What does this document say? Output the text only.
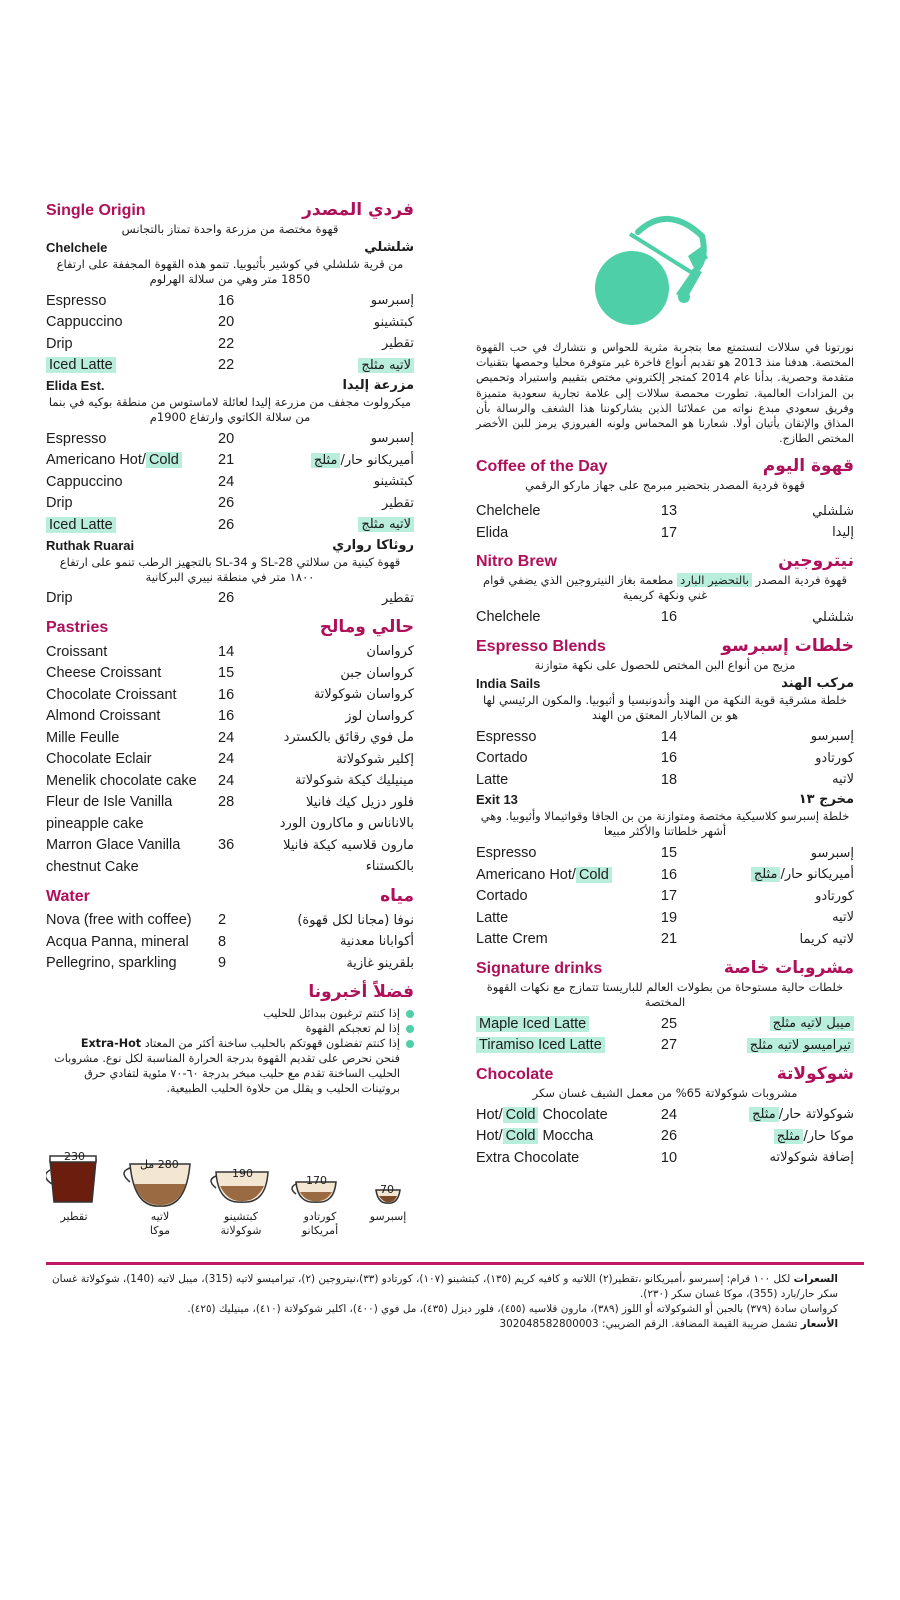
Single Origin	فردي المصدر
قهوة مختصة من مزرعة واحدة تمتاز بالتجانس
Chelchele	شلشلي
من قرية شلشلي في كوشير بأثيوبيا. تنمو هذه القهوة المجففة على ارتفاع 1850 متر وهي من سلالة الهرلوم
Espresso	16	إسبرسو
Cappuccino	20	كبتشينو
Drip	22	تقطير
Iced Latte	22	لاتيه مثلج
Elida Est.	مزرعة إليدا
ميكرولوت مجفف من مزرعة إليدا لعائلة لاماستوس من منطقة بوكيه في بنما من سلالة الكاتوي وارتفاع 1900م
Espresso	20	إسبرسو
Americano Hot/ Cold	21	أميريكانو حار/مثلج
Cappuccino	24	كبتشينو
Drip	26	تقطير
Iced Latte	26	لاتيه مثلج
Ruthak Ruarai	روثاكا رواري
قهوة كينية من سلالتي SL-28 و SL-34 بالتجهيز الرطب تنمو على ارتفاع ١٨٠٠ متر في منطقة نييري البركانية
Drip	26	تقطير
Pastries	حالي ومالح
Croissant	14	كرواسان
Cheese Croissant	15	كرواسان جبن
Chocolate Croissant	16	كرواسان شوكولاتة
Almond Croissant	16	كرواسان لوز
Mille Feulle	24	مل فوي رقائق بالكسترد
Chocolate Eclair	24	إكلير شوكولاتة
Menelik chocolate cake	24	مينيليك كيكة شوكولاتة
Fleur de Isle Vanilla	28	فلور دزيل كيك فانيلا
pineapple cake	بالاناناس و ماكارون الورد
Marron Glace Vanilla	36	مارون قلاسيه كيكة فانيلا
chestnut Cake	بالكستناء
Water	مياه
Nova (free with coffee)	2	نوفا (مجانا لكل قهوة)
Acqua Panna, mineral	8	أكوابانا معدنية
Pellegrino, sparkling	9	بلقرينو غازية
فضلاً أخبرونا
إذا كنتم ترغبون ببدائل للحليب
إذا لم تعجبكم القهوة
إذا كنتم تفضلون قهوتكم بالحليب ساخنة أكثر من المعتاد Extra-Hot
فنحن نحرص على تقديم القهوة بدرجة الحرارة المناسبة لكل نوع. مشروبات الحليب الساخنة تقدم مع حليب مبخر بدرجة ٦٠-٧٠ مئوية لتفادي حرق بروتينات الحليب و يقلل من حلاوة الحليب الطبيعية.
230
280 مل
190
170
70
تقطير	لاتيه
موكا
كبتشينو
شوكولاتة
كورتادو
أمريكانو
إسبرسو

نورتونا في سلالات لنستمتع معا بتجربة مثرية للحواس و نتشارك في حب القهوة المختصة. هدفنا منذ 2013 هو تقديم أنواع فاخرة غير متوفرة محليا وحمصها بتقنيات متقدمة وحصرية. بدأنا عام 2014 كمتجر إلكتروني مختص بتقييم واستيراد وتحميص بن المزادات العالمية. تطورت محمصة سلالات إلى علامة تجارية سعودية متميزة وفريق سعودي مبدع نواته من عملائنا الذين يشاركوننا هذا الشغف والرسالة بأن المذاق والإتقان يأتيان أولا. شعارنا هو المحماس ولونه الفيروزي يرمز للبن الأخضر المختص الطازج.

Coffee of the Day	قهوة اليوم
قهوة فردية المصدر بتحضير مبرمج على جهاز ماركو الرقمي
Chelchele	13	شلشلي
Elida	17	إليدا
Nitro Brew	نيتروجين
قهوة فردية المصدر بالتحضير البارد مطعمة بغاز النيتروجين الذي يضفي قوام غني ونكهة كريمية
Chelchele	16	شلشلي
Espresso Blends	خلطات إسبرسو
مزيج من أنواع البن المختص للحصول على نكهة متوازنة
India Sails	مركب الهند
خلطة مشرقية قوية النكهة من الهند وأندونيسيا و أثيوبيا. والمكون الرئيسي لها هو بن المالابار المعتق من الهند
Espresso	14	إسبرسو
Cortado	16	كورتادو
Latte	18	لاتيه
Exit 13	مخرج ١٣
خلطة إسبرسو كلاسيكية مختصة ومتوازنة من بن الجافا وقواتيمالا وأثيوبيا. وهي أشهر خلطاتنا والأكثر مبيعا
Espresso	15	إسبرسو
Americano Hot/ Cold	16	أميريكانو حار/مثلج
Cortado	17	كورتادو
Latte	19	لاتيه
Latte Crem	21	لاتيه كريما
Signature drinks	مشروبات خاصة
خلطات حالية مستوحاة من بطولات العالم للباريستا تتمازج مع نكهات القهوة المختصة
Maple Iced Latte	25	ميبل لاتيه مثلج
Tiramiso Iced Latte	27	تيراميسو لاتيه مثلج
Chocolate	شوكولاتة
مشروبات شوكولاتة 65% من معمل الشيف غسان سكر
Hot/ Cold Chocolate	24	شوكولاتة حار/مثلج
Hot/ Cold Moccha	26	موكا حار/مثلج
Extra Chocolate	10	إضافة شوكولاته
السعرات لكل ١٠٠ قرام: إسبرسو ،أميريكانو ،تقطير(٢) اللاتيه و كافيه كريم (١٣٥)، كبتشينو (١٠٧)، كورتادو (٣٣)،نيتروجين (٢)، تيراميسو لاتيه (315)، ميبل لاتيه (140)، شوكولاتة غسان سكر حار/بارد (355)، موكا غسان سكر (٢٣٠).
كرواسان سادة (٣٧٩) بالجبن أو الشوكولاته أو اللوز (٣٨٩)، مارون قلاسيه (٤٥٥)، فلور ديزل (٤٣٥)، مل فوي (٤٠٠)، اكلير شوكولاتة (٤١٠)، مينيليك (٤٢٥).
الأسعار تشمل ضريبة القيمة المضافة. الرقم الضريبي: 302048582800003
